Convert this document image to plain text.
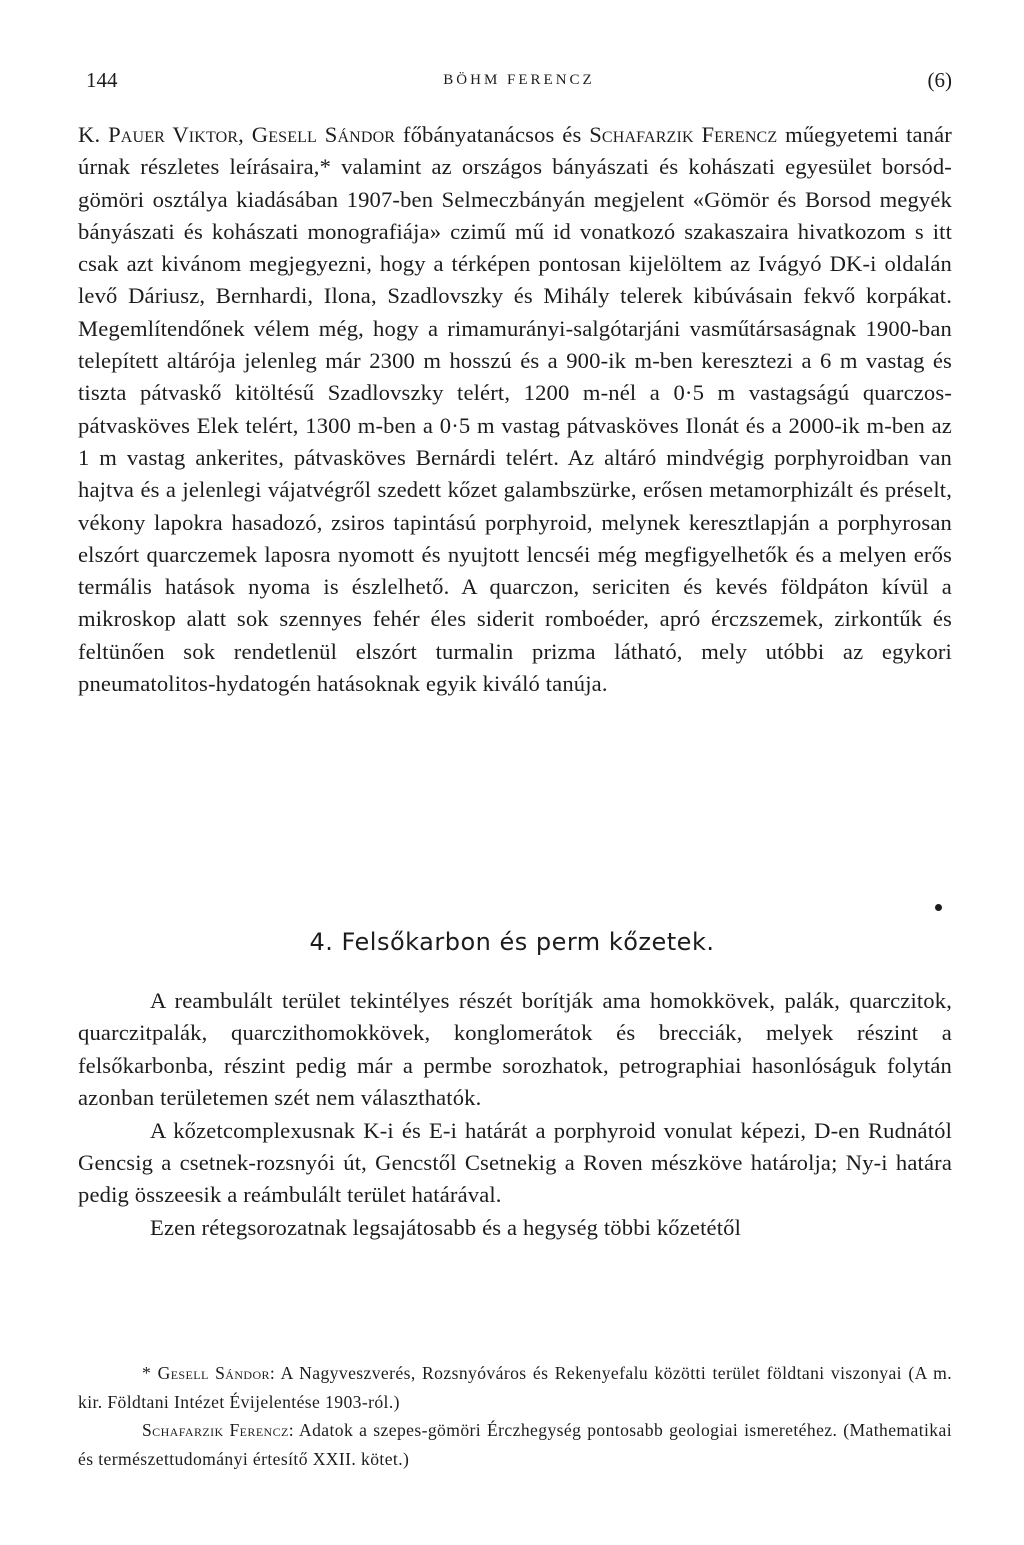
144	BÖHM FERENCZ	(6)

K. Pauer Viktor, Gesell Sándor főbányatanácsos és Schafarzik Ferencz műegyetemi tanár úrnak részletes leírásaira,* valamint az országos bányászati és kohászati egyesület borsód-gömöri osztálya kiadásában 1907-ben Selmeczbányán megjelent «Gömör és Borsod megyék bányászati és kohászati monografiája» czimű mű id vonatkozó szakaszaira hivatkozom s itt csak azt kivánom megjegyezni, hogy a térképen pontosan kijelöltem az Ivágyó DK-i oldalán levő Dáriusz, Bernhardi, Ilona, Szadlovszky és Mihály telerek kibúvásain fekvő korpákat. Megemlítendőnek vélem még, hogy a rimamurányi-salgótarjáni vasműtársaságnak 1900-ban telepített altárója jelenleg már 2300 m hosszú és a 900-ik m-ben keresztezi a 6 m vastag és tiszta pátvaskő kitöltésű Szadlovszky telért, 1200 m-nél a 0·5 m vastagságú quarczos-pátvasköves Elek telért, 1300 m-ben a 0·5 m vastag pátvasköves Ilonát és a 2000-ik m-ben az 1 m vastag ankerites, pátvasköves Bernárdi telért. Az altáró mindvégig porphyroidban van hajtva és a jelenlegi vájatvégről szedett kőzet galambszürke, erősen metamorphizált és préselt, vékony lapokra hasadozó, zsiros tapintású porphyroid, melynek keresztlapján a porphyrosan elszórt quarczemek laposra nyomott és nyujtott lencséi még megfigyelhetők és a melyen erős termális hatások nyoma is észlelhető. A quarczon, sericiten és kevés földpáton kívül a mikroskop alatt sok szennyes fehér éles siderit romboéder, apró érczszemek, zirkontűk és feltünően sok rendetlenül elszórt turmalin prizma látható, mely utóbbi az egykori pneumatolitos-hydatogén hatásoknak egyik kiváló tanúja.

4. Felsőkarbon és perm kőzetek.

A reambulált terület tekintélyes részét borítják ama homokkövek, palák, quarczitok, quarczitpalák, quarczithomokkövek, konglomerátok és brecciák, melyek részint a felsőkarbonba, részint pedig már a permbe sorozhatok, petrographiai hasonlóságuk folytán azonban területemen szét nem választhatók.

A kőzetcomplexusnak K-i és E-i határát a porphyroid vonulat képezi, D-en Rudnától Gencsig a csetnek-rozsnyói út, Gencstől Csetnekig a Roven mészköve határolja; Ny-i határa pedig összeesik a reámbulált terület határával.

Ezen rétegsorozatnak legsajátosabb és a hegység többi kőzetétől

* Gesell Sándor: A Nagyveszverés, Rozsnyóváros és Rekenyefalu közötti terület földtani viszonyai (A m. kir. Földtani Intézet Évijelentése 1903-ról.)

Schafarzik Ferencz: Adatok a szepes-gömöri Érczhegység pontosabb geologiai ismeretéhez. (Mathematikai és természettudományi értesítő XXII. kötet.)
